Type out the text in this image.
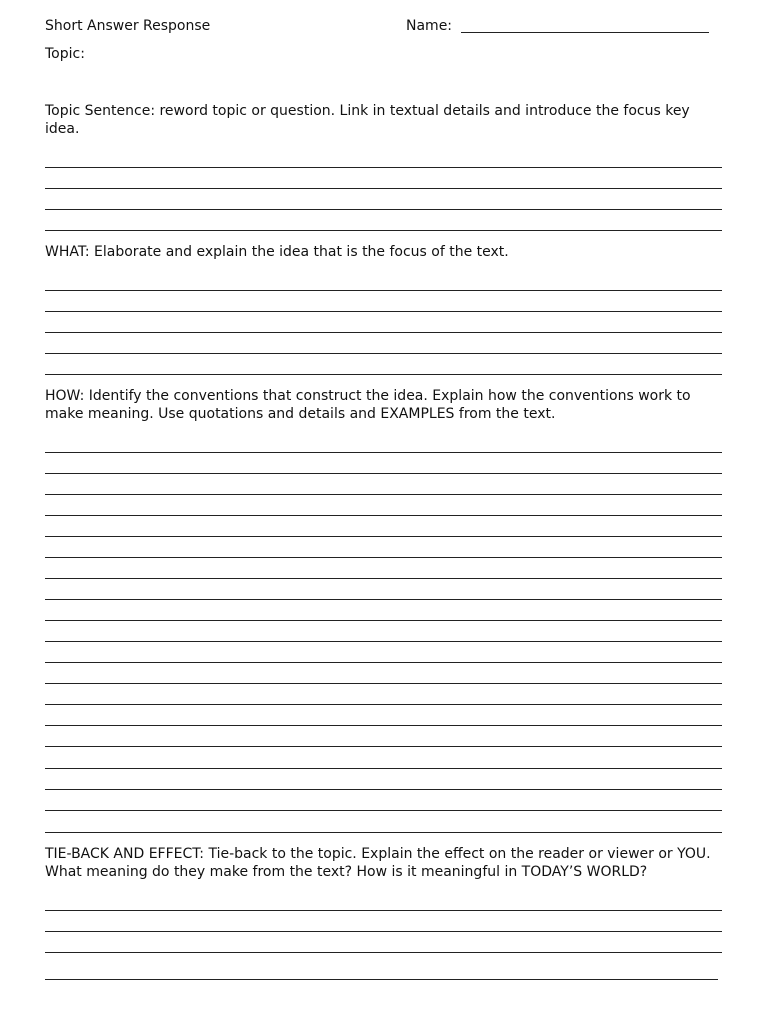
Short Answer Response	Name:
Topic:
Topic Sentence: reword topic or question. Link in textual details and introduce the focus key idea.
WHAT: Elaborate and explain the idea that is the focus of the text.
HOW: Identify the conventions that construct the idea. Explain how the conventions work to make meaning. Use quotations and details and EXAMPLES from the text.
TIE-BACK AND EFFECT: Tie-back to the topic. Explain the effect on the reader or viewer or YOU. What meaning do they make from the text? How is it meaningful in TODAY’S WORLD?
